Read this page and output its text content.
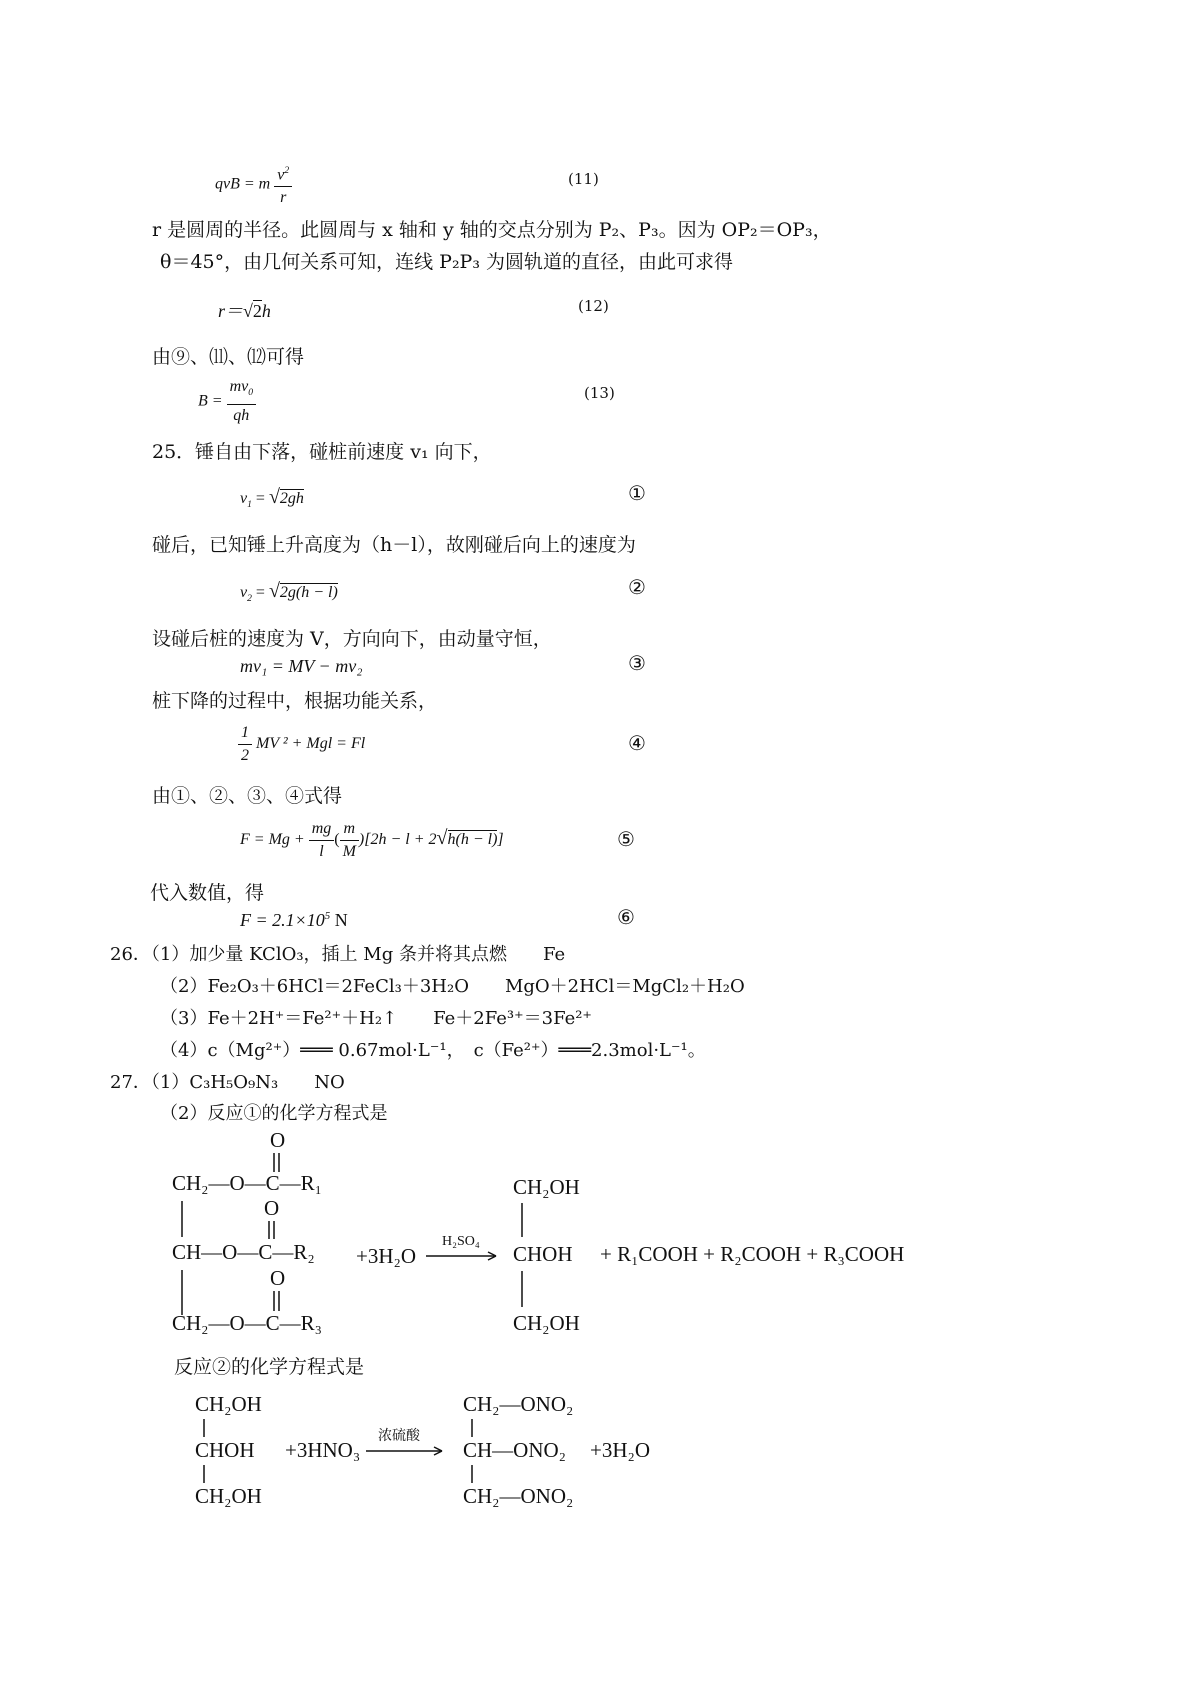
qvB = m $\frac{v^2}{r}$	(11)
r 是圆周的半径。此圆周与 x 轴和 y 轴的交点分别为 P₂、P₃。因为 OP₂＝OP₃，
θ＝45°，由几何关系可知，连线 P₂P₃ 为圆轨道的直径，由此可求得
r＝√2h	(12)
由⑨、⑾、⑿可得
$B = \frac{mv_0}{qh}$	(13)
25．锤自由下落，碰桩前速度 v₁ 向下，
$v_1 = √2gh$	①
碰后，已知锤上升高度为（h－l），故刚碰后向上的速度为
$v_2 = √2g(h - l)$	②
设碰后桩的速度为 V，方向向下，由动量守恒，
mv₁ = MV − mv₂	③
桩下降的过程中，根据功能关系，
$\frac{1}{2}$ MV ² + Mgl = Fl	④
由①、②、③、④式得
$F = Mg + \frac{mg}{l}$ ( $\frac{m}{M} )[2h - l + 2√h(h - l)]$	⑤
代入数值，得
$F = 2.1\times 10^5$ N	⑥
26．（1）加少量 KClO₃，插上 Mg 条并将其点燃　　Fe
（2）Fe₂O₃＋6HCl＝2FeCl₃＋3H₂O　　MgO＋2HCl＝MgCl₂＋H₂O
（3）Fe＋2H⁺＝Fe²⁺＋H₂↑　　Fe＋2Fe³⁺＝3Fe²⁺
（4）c（Mg²⁺）═══ 0.67mol·L⁻¹，　c（Fe²⁺）═══2.3mol·L⁻¹。
27．（1）C₃H₅O₉N₃　　NO
（2）反应①的化学方程式是
O
CH₂—O—C—R₁
O
CH—O—C—R₂
O
CH₂—O—C—R₃
+3H₂O
H₂SO₄
CH₂OH
CHOH
CH₂OH
+ R₁COOH + R₂COOH + R₃COOH
反应②的化学方程式是
CH₂OH
CHOH
CH₂OH
+3HNO₃
浓硫酸
CH₂—ONO₂
CH—ONO₂
CH₂—ONO₂
+3H₂O
